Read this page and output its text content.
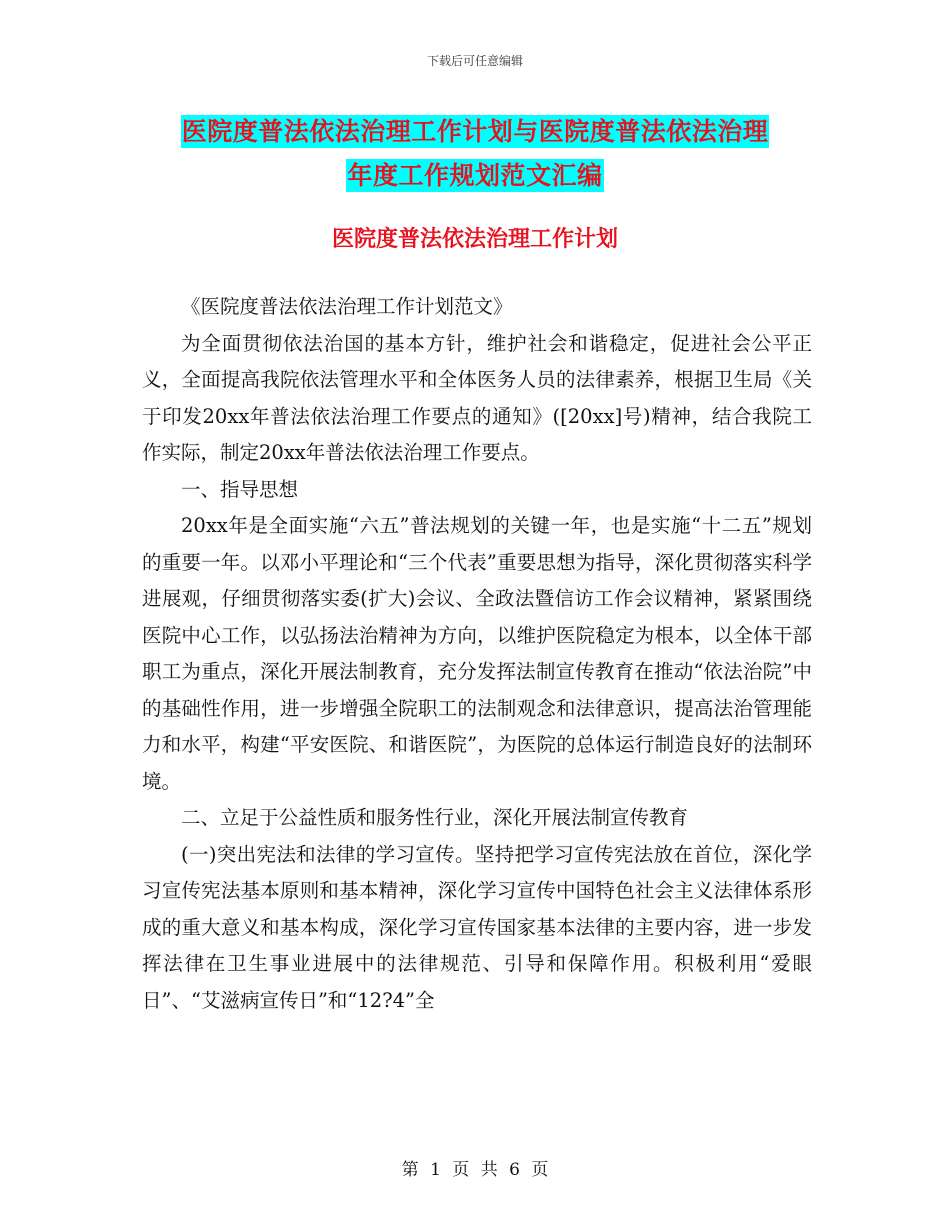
下载后可任意编辑
医院度普法依法治理工作计划与医院度普法依法治理
年度工作规划范文汇编
医院度普法依法治理工作计划

《医院度普法依法治理工作计划范文》

为全面贯彻依法治国的基本方针，维护社会和谐稳定，促进社会公平正义，全面提高我院依法管理水平和全体医务人员的法律素养，根据卫生局《关于印发20xx年普法依法治理工作要点的通知》([20xx]号)精神，结合我院工作实际，制定20xx年普法依法治理工作要点。

一、指导思想

20xx年是全面实施“六五”普法规划的关键一年，也是实施“十二五”规划的重要一年。以邓小平理论和“三个代表”重要思想为指导，深化贯彻落实科学进展观，仔细贯彻落实委(扩大)会议、全政法暨信访工作会议精神，紧紧围绕医院中心工作，以弘扬法治精神为方向，以维护医院稳定为根本，以全体干部职工为重点，深化开展法制教育，充分发挥法制宣传教育在推动“依法治院”中的基础性作用，进一步增强全院职工的法制观念和法律意识，提高法治管理能力和水平，构建“平安医院、和谐医院”，为医院的总体运行制造良好的法制环境。

二、立足于公益性质和服务性行业，深化开展法制宣传教育

(一)突出宪法和法律的学习宣传。坚持把学习宣传宪法放在首位，深化学习宣传宪法基本原则和基本精神，深化学习宣传中国特色社会主义法律体系形成的重大意义和基本构成，深化学习宣传国家基本法律的主要内容，进一步发挥法律在卫生事业进展中的法律规范、引导和保障作用。积极利用“爱眼日”、“艾滋病宣传日”和“12?4”全

第 1 页 共 6 页
